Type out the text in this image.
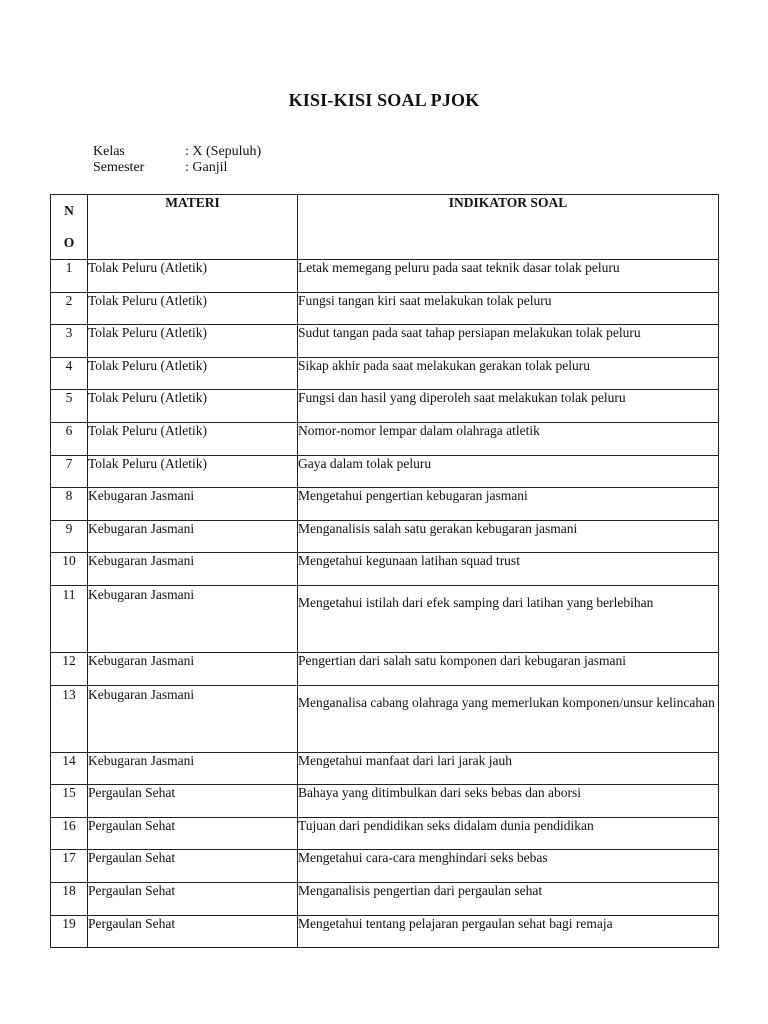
KISI-KISI SOAL PJOK
Kelas	: X (Sepuluh)
Semester	: Ganjil
N
O	MATERI	INDIKATOR SOAL
1	Tolak Peluru (Atletik)	Letak memegang peluru pada saat teknik dasar tolak peluru
2	Tolak Peluru (Atletik)	Fungsi tangan kiri saat melakukan tolak peluru
3	Tolak Peluru (Atletik)	Sudut tangan pada saat tahap persiapan melakukan tolak peluru
4	Tolak Peluru (Atletik)	Sikap akhir pada saat melakukan gerakan tolak peluru
5	Tolak Peluru (Atletik)	Fungsi dan hasil yang diperoleh saat melakukan tolak peluru
6	Tolak Peluru (Atletik)	Nomor-nomor lempar dalam olahraga atletik
7	Tolak Peluru (Atletik)	Gaya dalam tolak peluru
8	Kebugaran Jasmani	Mengetahui pengertian kebugaran jasmani
9	Kebugaran Jasmani	Menganalisis salah satu gerakan kebugaran jasmani
10	Kebugaran Jasmani	Mengetahui kegunaan latihan squad trust
11	Kebugaran Jasmani	Mengetahui istilah dari efek samping dari latihan yang berlebihan
12	Kebugaran Jasmani	Pengertian dari salah satu komponen dari kebugaran jasmani
13	Kebugaran Jasmani	Menganalisa cabang olahraga yang memerlukan komponen/unsur kelincahan
14	Kebugaran Jasmani	Mengetahui manfaat dari lari jarak jauh
15	Pergaulan Sehat	Bahaya yang ditimbulkan dari seks bebas dan aborsi
16	Pergaulan Sehat	Tujuan dari pendidikan seks didalam dunia pendidikan
17	Pergaulan Sehat	Mengetahui cara-cara menghindari seks bebas
18	Pergaulan Sehat	Menganalisis pengertian dari pergaulan sehat
19	Pergaulan Sehat	Mengetahui tentang pelajaran pergaulan sehat bagi remaja
